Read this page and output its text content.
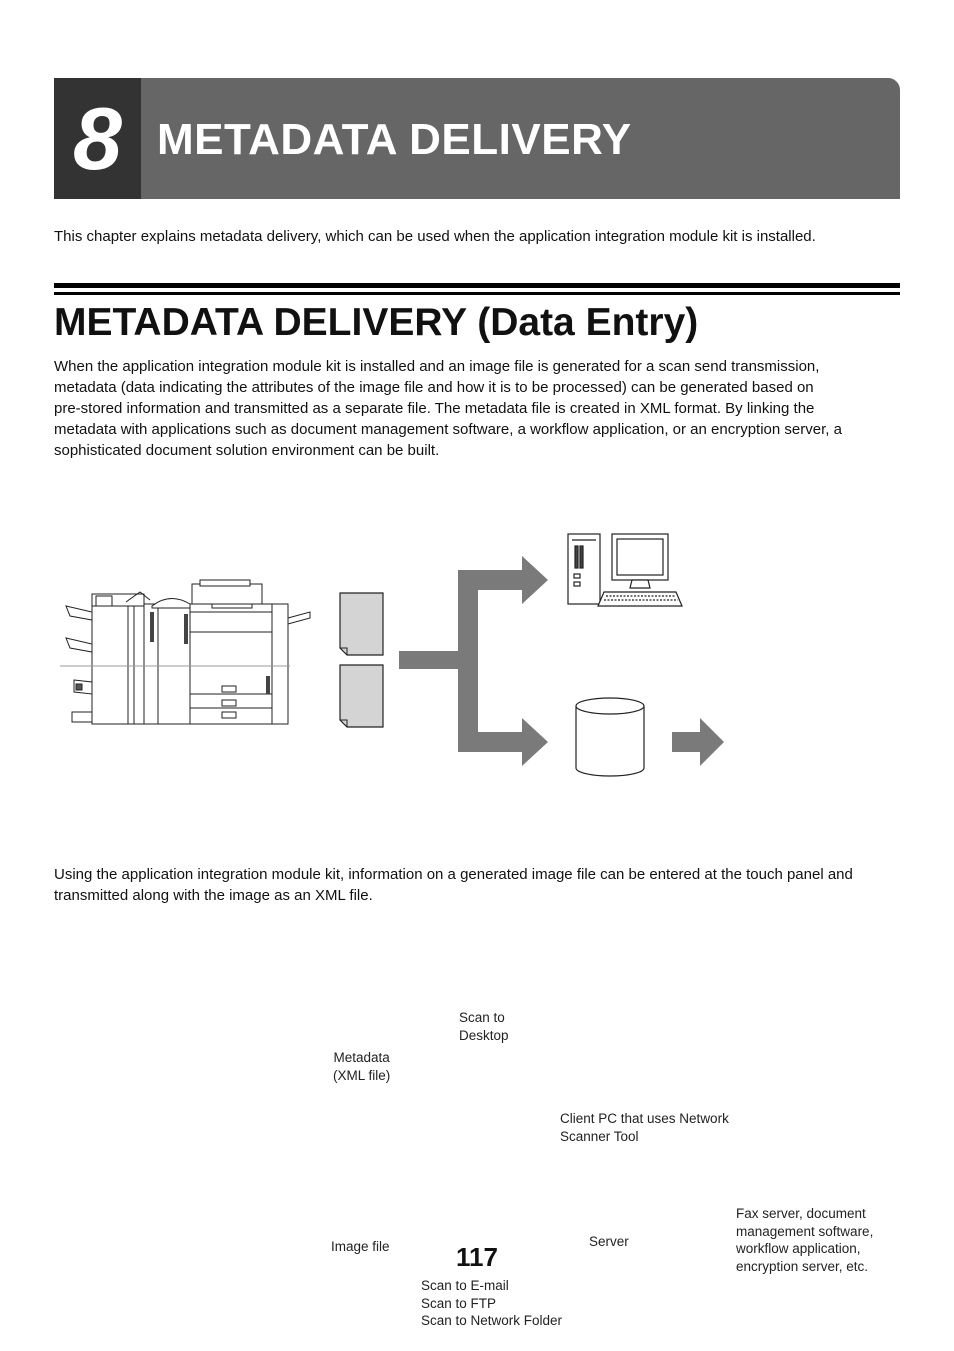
8 METADATA DELIVERY
This chapter explains metadata delivery, which can be used when the application integration module kit is installed.
METADATA DELIVERY (Data Entry)
When the application integration module kit is installed and an image file is generated for a scan send transmission,
metadata (data indicating the attributes of the image file and how it is to be processed) can be generated based on
pre-stored information and transmitted as a separate file. The metadata file is created in XML format. By linking the
metadata with applications such as document management software, a workflow application, or an encryption server, a
sophisticated document solution environment can be built.
Metadata
(XML file)
Image file
Scan to
Desktop
Client PC that uses Network
Scanner Tool
Server
Scan to E-mail
Scan to FTP
Scan to Network Folder
Fax server, document
management software,
workflow application,
encryption server, etc.
Using the application integration module kit, information on a generated image file can be entered at the touch panel and
transmitted along with the image as an XML file.
117
